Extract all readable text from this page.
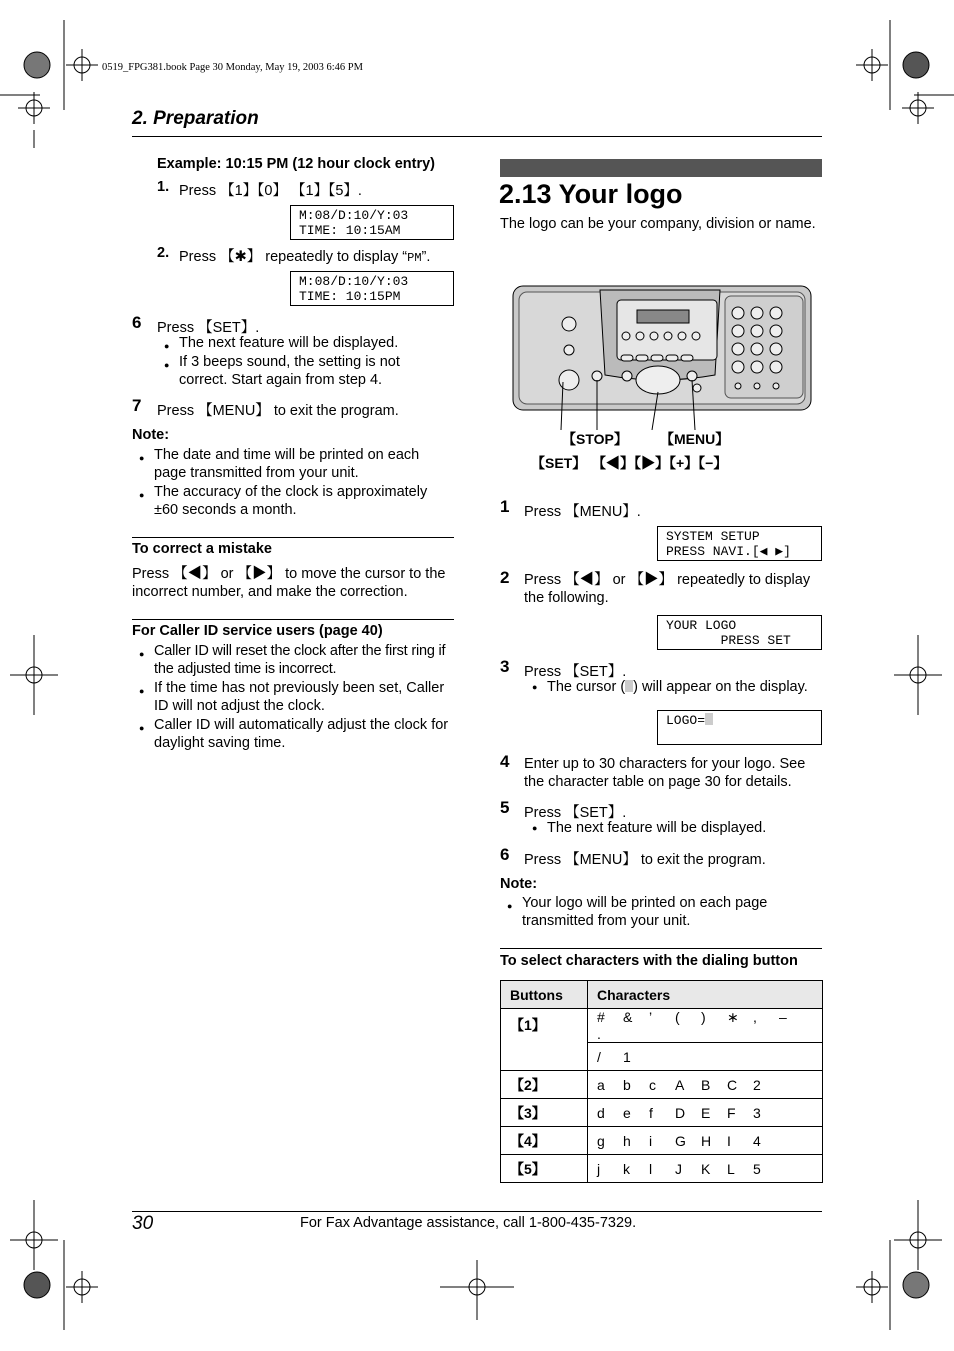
0519_FPG381.book Page 30 Monday, May 19, 2003 6:46 PM
2. Preparation
Example: 10:15 PM (12 hour clock entry)
1. Press 【1】【0】 【1】【5】.
M:08/D:10/Y:03
TIME: 10:15AM
2. Press 【✱】 repeatedly to display “PM”.
M:08/D:10/Y:03
TIME: 10:15PM
6 Press 【SET】.
● The next feature will be displayed.
● If 3 beeps sound, the setting is not correct. Start again from step 4.
7 Press 【MENU】 to exit the program.
Note:
● The date and time will be printed on each page transmitted from your unit.
● The accuracy of the clock is approximately ±60 seconds a month.
To correct a mistake
Press 【◀】 or 【▶】 to move the cursor to the incorrect number, and make the correction.
For Caller ID service users (page 40)
● Caller ID will reset the clock after the first ring if the adjusted time is incorrect.
● If the time has not previously been set, Caller ID will not adjust the clock.
● Caller ID will automatically adjust the clock for daylight saving time.
2.13 Your logo
The logo can be your company, division or name.
【STOP】 【MENU】
【SET】 【◀】【▶】【+】【−】
1 Press 【MENU】.
SYSTEM SETUP
PRESS NAVI.[◀ ▶]
2 Press 【◀】 or 【▶】 repeatedly to display the following.
YOUR LOGO
PRESS SET
3 Press 【SET】.
● The cursor ( ) will appear on the display.
LOGO=
4 Enter up to 30 characters for your logo. See the character table on page 30 for details.
5 Press 【SET】.
● The next feature will be displayed.
6 Press 【MENU】 to exit the program.
Note:
● Your logo will be printed on each page transmitted from your unit.
To select characters with the dialing button
Buttons	Characters
【1】	# & ’ ( ) ∗ , –.
	/ 1
【2】	a b c A B C 2
【3】	d e f D E F 3
【4】	g h i G H I 4
【5】	j k l J K L 5
30	For Fax Advantage assistance, call 1-800-435-7329.
